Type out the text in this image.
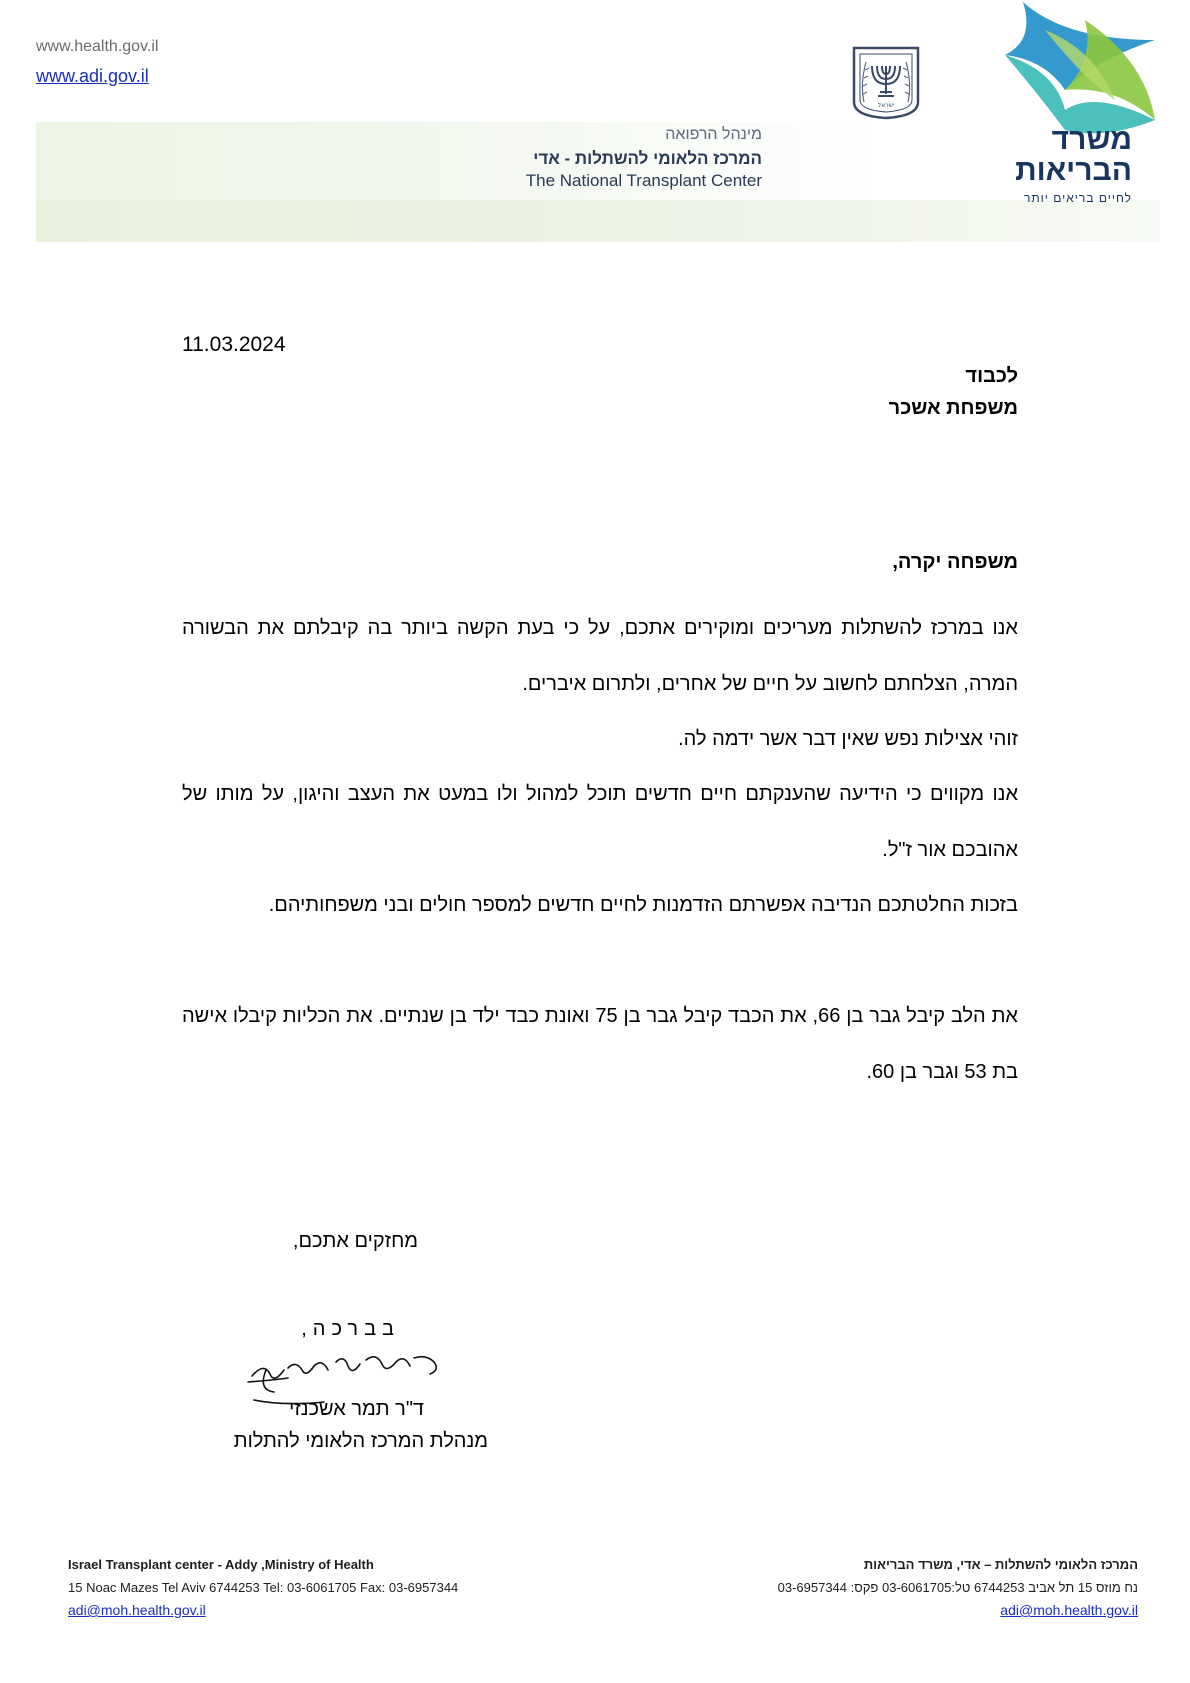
www.health.gov.il
www.adi.gov.il
מינהל הרפואה
המרכז הלאומי להשתלות - אדי
The National Transplant Center
ישראל
משרד
הבריאות
לחיים בריאים יותר
11.03.2024
לכבוד
משפחת אשכר
משפחה יקרה,
אנו במרכז להשתלות מעריכים ומוקירים אתכם, על כי בעת הקשה ביותר בה קיבלתם את הבשורה המרה, הצלחתם לחשוב על חיים של אחרים, ולתרום איברים.
זוהי אצילות נפש שאין דבר אשר ידמה לה.
אנו מקווים כי הידיעה שהענקתם חיים חדשים תוכל למהול ולו במעט את העצב והיגון, על מותו של אהובכם אור ז"ל.
בזכות החלטתכם הנדיבה אפשרתם הזדמנות לחיים חדשים למספר חולים ובני משפחותיהם.
את הלב קיבל גבר בן 66, את הכבד קיבל גבר בן 75 ואונת כבד ילד בן שנתיים. את הכליות קיבלו אישה בת 53 וגבר בן 60.
מחזקים אתכם,
בברכה,
ד"ר תמר אשכנזי
מנהלת המרכז הלאומי להתלות
Israel Transplant center - Addy ,Ministry of Health
15 Noac Mazes Tel Aviv 6744253 Tel: 03-6061705 Fax: 03-6957344
adi@moh.health.gov.il
המרכז הלאומי להשתלות – אדי, משרד הבריאות
נח מוזס 15 תל אביב 6744253 טל:03-6061705 פקס: 03-6957344
adi@moh.health.gov.il
